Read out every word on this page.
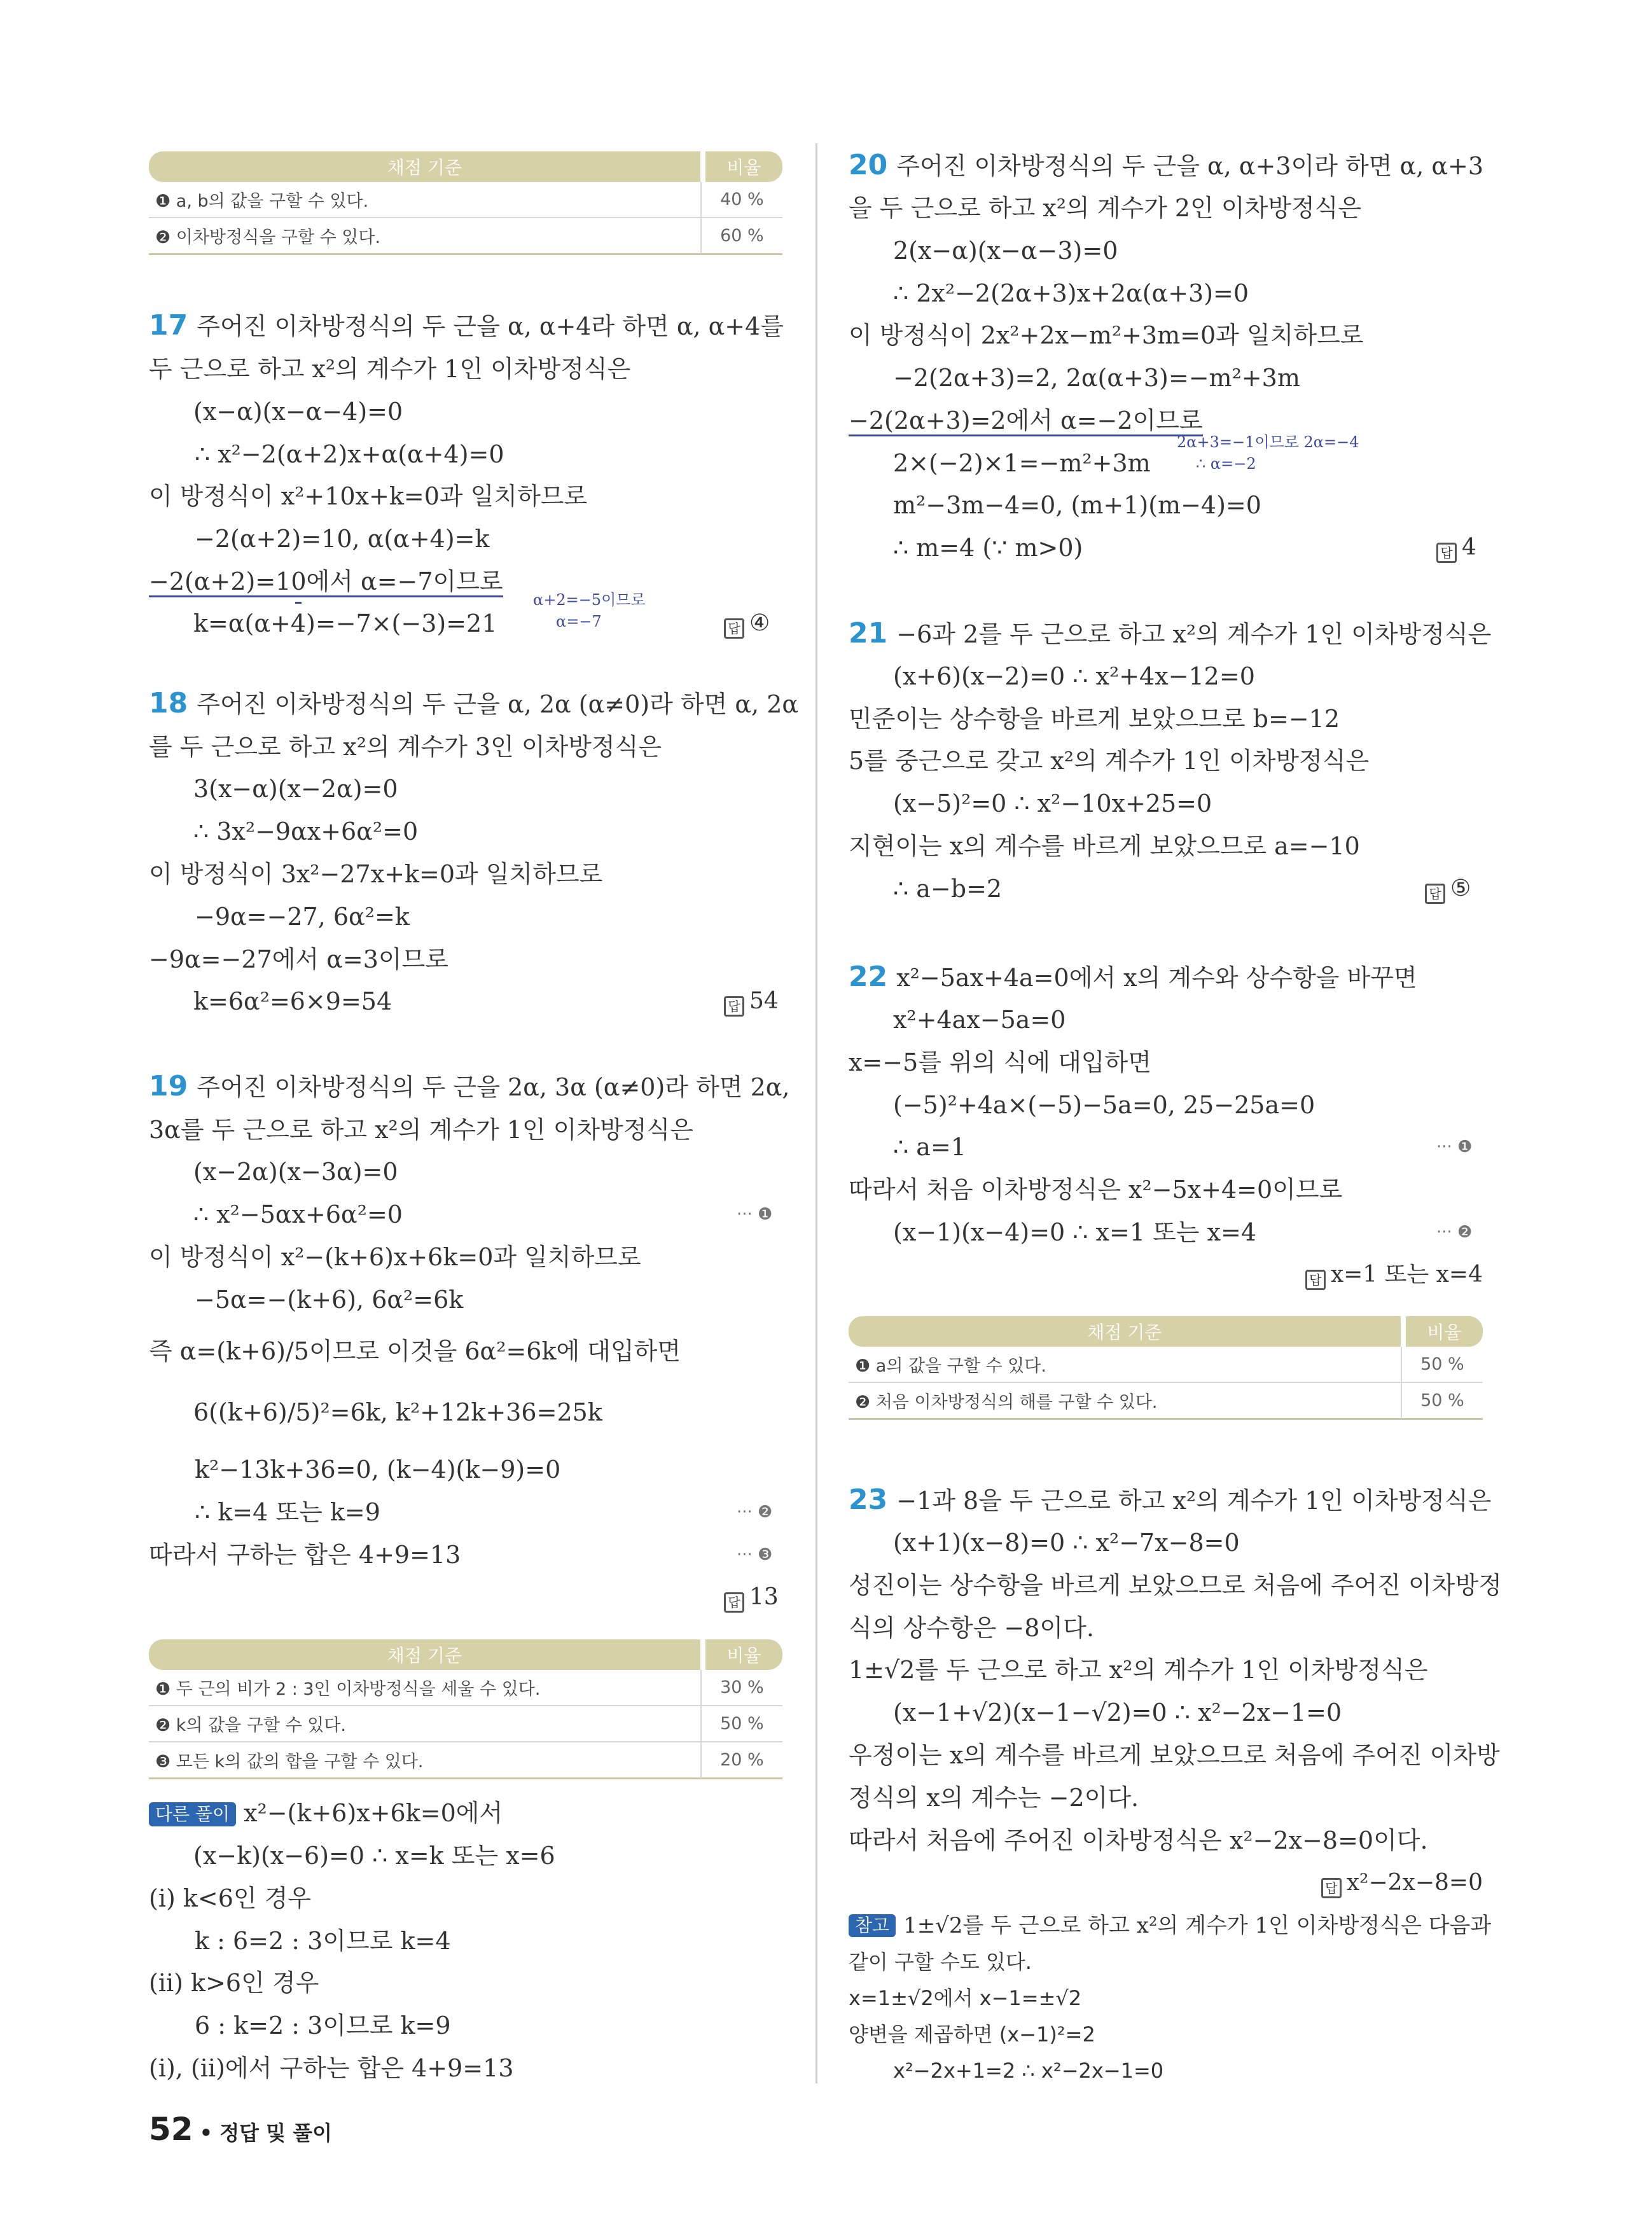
채점 기준	비율
❶ a, b의 값을 구할 수 있다.	40 %
❷ 이차방정식을 구할 수 있다.	60 %
17 주어진 이차방정식의 두 근을 α, α+4라 하면 α, α+4를
두 근으로 하고 x²의 계수가 1인 이차방정식은
(x−α)(x−α−4)=0
∴ x²−2(α+2)x+α(α+4)=0
이 방정식이 x²+10x+k=0과 일치하므로
−2(α+2)=10, α(α+4)=k
−2(α+2)=10에서 α=−7이므로
α+2=−5이므로
k=α(α+4)=−7×(−3)=21	α=−7	답 ④
18 주어진 이차방정식의 두 근을 α, 2α (α≠0)라 하면 α, 2α
를 두 근으로 하고 x²의 계수가 3인 이차방정식은
3(x−α)(x−2α)=0
∴ 3x²−9αx+6α²=0
이 방정식이 3x²−27x+k=0과 일치하므로
−9α=−27, 6α²=k
−9α=−27에서 α=3이므로
k=6α²=6×9=54	답 54
19 주어진 이차방정식의 두 근을 2α, 3α (α≠0)라 하면 2α,
3α를 두 근으로 하고 x²의 계수가 1인 이차방정식은
(x−2α)(x−3α)=0
∴ x²−5αx+6α²=0	··· ❶
이 방정식이 x²−(k+6)x+6k=0과 일치하므로
−5α=−(k+6), 6α²=6k
즉 α=(k+6)/5이므로 이것을 6α²=6k에 대입하면
6((k+6)/5)²=6k, k²+12k+36=25k
k²−13k+36=0, (k−4)(k−9)=0
∴ k=4 또는 k=9	··· ❷
따라서 구하는 합은 4+9=13	··· ❸
답 13
채점 기준	비율
❶ 두 근의 비가 2 : 3인 이차방정식을 세울 수 있다.	30 %
❷ k의 값을 구할 수 있다.	50 %
❸ 모든 k의 값의 합을 구할 수 있다.	20 %
다른 풀이 x²−(k+6)x+6k=0에서
(x−k)(x−6)=0 ∴ x=k 또는 x=6
(ⅰ) k<6인 경우
k : 6=2 : 3이므로 k=4
(ⅱ) k>6인 경우
6 : k=2 : 3이므로 k=9
(ⅰ), (ⅱ)에서 구하는 합은 4+9=13
20 주어진 이차방정식의 두 근을 α, α+3이라 하면 α, α+3
을 두 근으로 하고 x²의 계수가 2인 이차방정식은
2(x−α)(x−α−3)=0
∴ 2x²−2(2α+3)x+2α(α+3)=0
이 방정식이 2x²+2x−m²+3m=0과 일치하므로
−2(2α+3)=2, 2α(α+3)=−m²+3m
−2(2α+3)=2에서 α=−2이므로
2α+3=−1이므로 2α=−4
2×(−2)×1=−m²+3m	∴ α=−2
m²−3m−4=0, (m+1)(m−4)=0
∴ m=4 (∵ m>0)	답 4
21 −6과 2를 두 근으로 하고 x²의 계수가 1인 이차방정식은
(x+6)(x−2)=0 ∴ x²+4x−12=0
민준이는 상수항을 바르게 보았으므로 b=−12
5를 중근으로 갖고 x²의 계수가 1인 이차방정식은
(x−5)²=0 ∴ x²−10x+25=0
지현이는 x의 계수를 바르게 보았으므로 a=−10
∴ a−b=2	답 ⑤
22 x²−5ax+4a=0에서 x의 계수와 상수항을 바꾸면
x²+4ax−5a=0
x=−5를 위의 식에 대입하면
(−5)²+4a×(−5)−5a=0, 25−25a=0
∴ a=1	··· ❶
따라서 처음 이차방정식은 x²−5x+4=0이므로
(x−1)(x−4)=0 ∴ x=1 또는 x=4	··· ❷
답 x=1 또는 x=4
채점 기준	비율
❶ a의 값을 구할 수 있다.	50 %
❷ 처음 이차방정식의 해를 구할 수 있다.	50 %
23 −1과 8을 두 근으로 하고 x²의 계수가 1인 이차방정식은
(x+1)(x−8)=0 ∴ x²−7x−8=0
성진이는 상수항을 바르게 보았으므로 처음에 주어진 이차방정
식의 상수항은 −8이다.
1±√2를 두 근으로 하고 x²의 계수가 1인 이차방정식은
(x−1+√2)(x−1−√2)=0 ∴ x²−2x−1=0
우정이는 x의 계수를 바르게 보았으므로 처음에 주어진 이차방
정식의 x의 계수는 −2이다.
따라서 처음에 주어진 이차방정식은 x²−2x−8=0이다.
답 x²−2x−8=0
참고 1±√2를 두 근으로 하고 x²의 계수가 1인 이차방정식은 다음과
같이 구할 수도 있다.
x=1±√2에서 x−1=±√2
양변을 제곱하면 (x−1)²=2
x²−2x+1=2 ∴ x²−2x−1=0
52 • 정답 및 풀이
